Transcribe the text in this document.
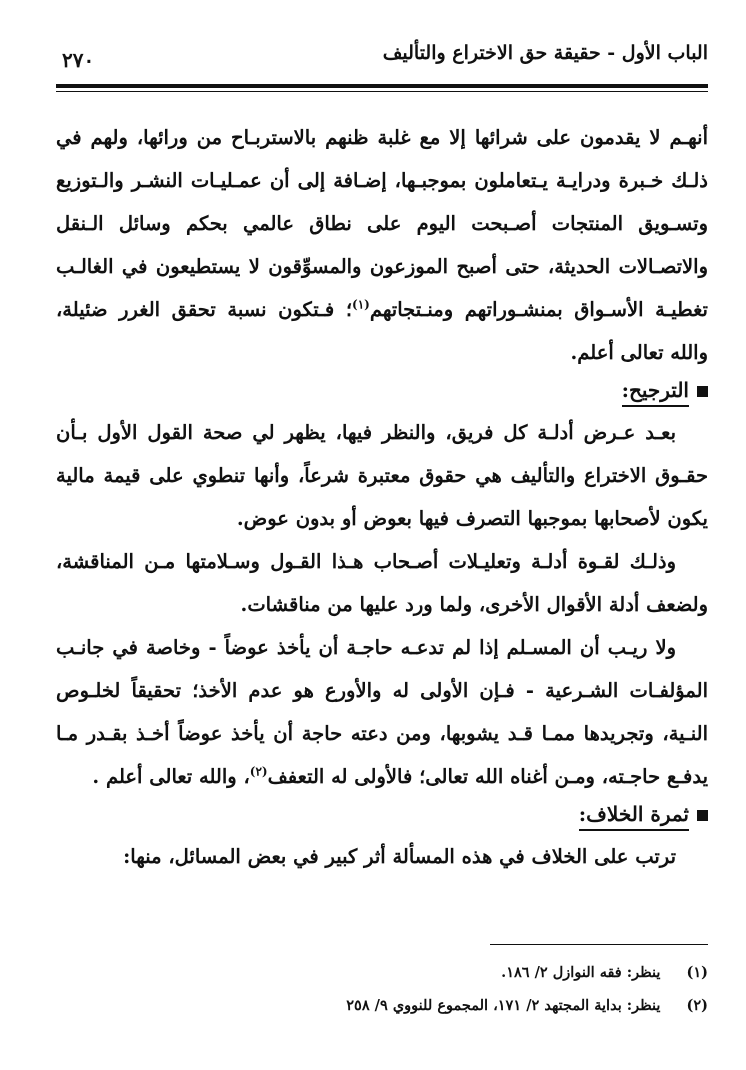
الباب الأول - حقيقة حق الاختراع والتأليف
٢٧٠

أنهـم لا يقدمون على شرائها إلا مع غلبة ظنهم بالاستربـاح من ورائها، ولهم في ذلـك خـبرة ودرايـة يـتعاملون بموجبـها، إضـافة إلى أن عمـليـات النشـر والـتوزيع وتسـويق المنتجات أصـبحت اليوم على نطاق عالمي بحكم وسائل الـنقل والاتصـالات الحديثة، حتى أصبح الموزعون والمسوِّقون لا يستطيعون في الغالـب تغطيـة الأسـواق بمنشـوراتهم ومنـتجاتهم$^{(١)}$؛ فـتكون نسبة تحقق الغرر ضئيلة، والله تعالى أعلم.

الترجيح:

بعـد عـرض أدلـة كل فريق، والنظر فيها، يظهر لي صحة القول الأول بـأن حقـوق الاختراع والتأليف هي حقوق معتبرة شرعاً، وأنها تنطوي على قيمة مالية يكون لأصحابها بموجبها التصرف فيها بعوض أو بدون عوض.

وذلـك لقـوة أدلـة وتعليـلات أصـحاب هـذا القـول وسـلامتها مـن المناقشة، ولضعف أدلة الأقوال الأخرى، ولما ورد عليها من مناقشات.

ولا ريـب أن المسـلم إذا لم تدعـه حاجـة أن يأخذ عوضاً - وخاصة في جانـب المؤلفـات الشـرعية - فـإن الأولى له والأورع هو عدم الأخذ؛ تحقيقاً لخلـوص النـية، وتجريدها ممـا قـد يشوبها، ومن دعته حاجة أن يأخذ عوضاً أخـذ بقـدر مـا يدفـع حاجـته، ومـن أغناه الله تعالى؛ فالأولى له التعفف$^{(٢)}$، والله تعالى أعلم .

ثمرة الخلاف:

ترتب على الخلاف في هذه المسألة أثر كبير في بعض المسائل، منها:

(١)
ينظر: فقه النوازل ٢/ ١٨٦.
(٢)
ينظر: بداية المجتهد ٢/ ١٧١، المجموع للنووي ٩/ ٢٥٨
